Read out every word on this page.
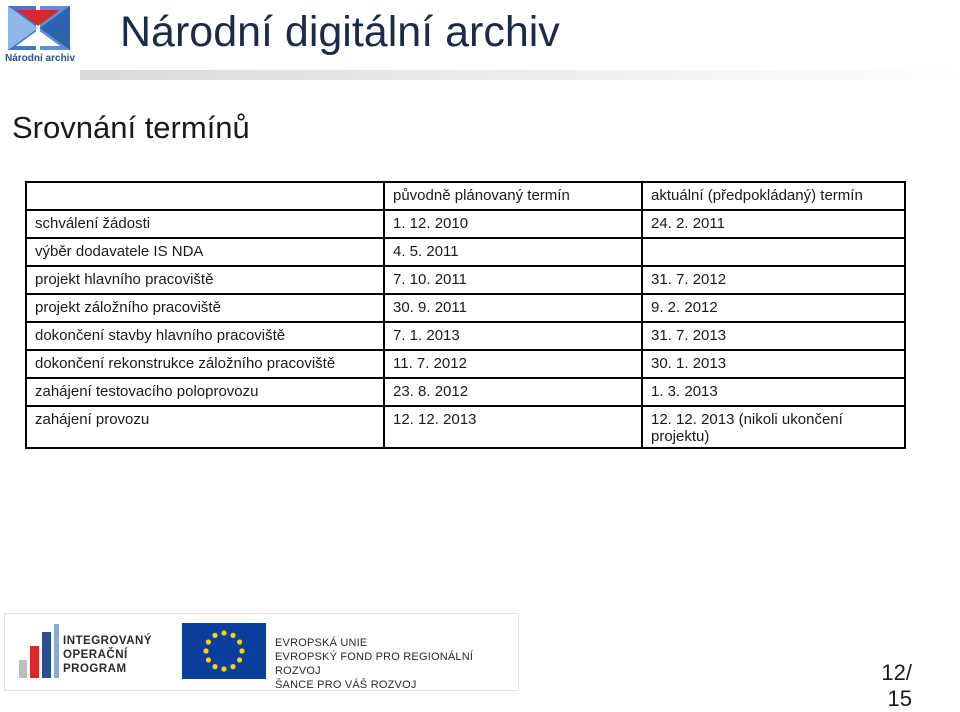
Národní archiv
Národní digitální archiv
Srovnání termínů
	původně plánovaný termín	aktuální (předpokládaný) termín
schválení žádosti	1. 12. 2010	24. 2. 2011
výběr dodavatele IS NDA	4. 5. 2011	
projekt hlavního pracoviště	7. 10. 2011	31. 7. 2012
projekt záložního pracoviště	30. 9. 2011	9. 2. 2012
dokončení stavby hlavního pracoviště	7. 1. 2013	31. 7. 2013
dokončení rekonstrukce záložního pracoviště	11. 7. 2012	30. 1. 2013
zahájení testovacího poloprovozu	23. 8. 2012	1. 3. 2013
zahájení provozu	12. 12. 2013	12. 12. 2013 (nikoli ukončení projektu)
INTEGROVANÝ
OPERAČNÍ
PROGRAM
EVROPSKÁ UNIE
EVROPSKÝ FOND PRO REGIONÁLNÍ ROZVOJ
ŠANCE PRO VÁŠ ROZVOJ	12/
15
